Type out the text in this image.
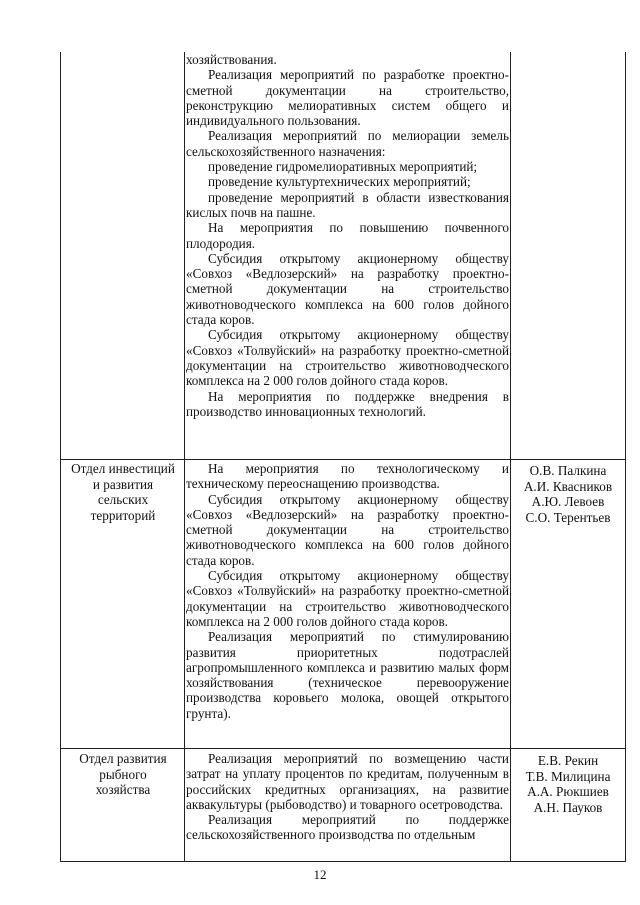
хозяйствования.

Реализация мероприятий по разработке проектно-сметной документации на строительство, реконструкцию мелиоративных систем общего и индивидуального пользования.

Реализация мероприятий по мелиорации земель сельскохозяйственного назначения:

проведение гидромелиоративных мероприятий;

проведение культуртехнических мероприятий;

проведение мероприятий в области известкования кислых почв на пашне.

На мероприятия по повышению почвенного плодородия.

Субсидия открытому акционерному обществу «Совхоз «Ведлозерский» на разработку проектно-сметной документации на строительство животноводческого комплекса на 600 голов дойного стада коров.

Субсидия открытому акционерному обществу «Совхоз «Толвуйский» на разработку проектно-сметной документации на строительство животноводческого комплекса на 2 000 голов дойного стада коров.

На мероприятия по поддержке внедрения в производство инновационных технологий.

Отдел инвестиций
и развития
сельских
территорий

На мероприятия по технологическому и техническому переоснащению производства.

Субсидия открытому акционерному обществу «Совхоз «Ведлозерский» на разработку проектно-сметной документации на строительство животноводческого комплекса на 600 голов дойного стада коров.

Субсидия открытому акционерному обществу «Совхоз «Толвуйский» на разработку проектно-сметной документации на строительство животноводческого комплекса на 2 000 голов дойного стада коров.

Реализация мероприятий по стимулированию развития приоритетных подотраслей агропромышленного комплекса и развитию малых форм хозяйствования (техническое перевооружение производства коровьего молока, овощей открытого грунта).

О.В. Палкина
А.И. Квасников
А.Ю. Левоев
С.О. Терентьев
Отдел развития
рыбного
хозяйства

Реализация мероприятий по возмещению части затрат на уплату процентов по кредитам, полученным в российских кредитных организациях, на развитие аквакультуры (рыбоводство) и товарного осетроводства.

Реализация мероприятий по поддержке сельскохозяйственного производства по отдельным

Е.В. Рекин
Т.В. Милицина
А.А. Рюкшиев
А.Н. Пауков
12
